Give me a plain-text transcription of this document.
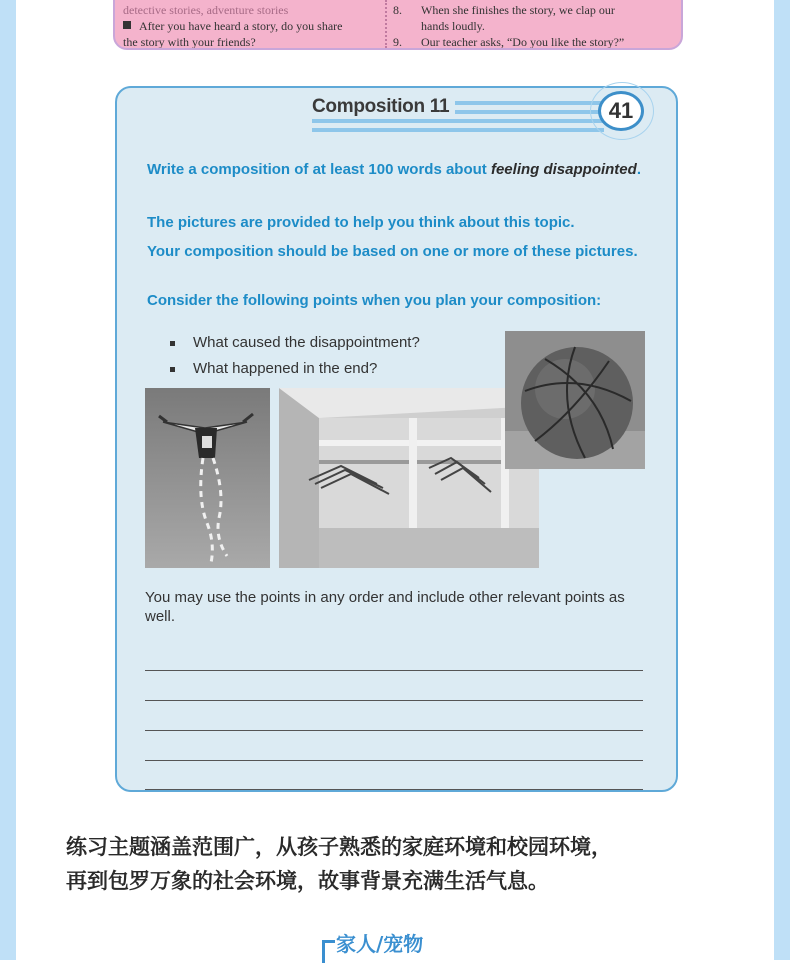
detective stories, adventure stories
After you have heard a story, do you share
the story with your friends?
8.	When she finishes the story, we clap our
hands loudly.
9.	Our teacher asks, “Do you like the story?”
Composition 11	41
Write a composition of at least 100 words about feeling disappointed.
The pictures are provided to help you think about this topic.
Your composition should be based on one or more of these pictures.
Consider the following points when you plan your composition:
What caused the disappointment?
What happened in the end?
You may use the points in any order and include other relevant points as well.
练习主题涵盖范围广，从孩子熟悉的家庭环境和校园环境，
再到包罗万象的社会环境，故事背景充满生活气息。
家人/宠物
